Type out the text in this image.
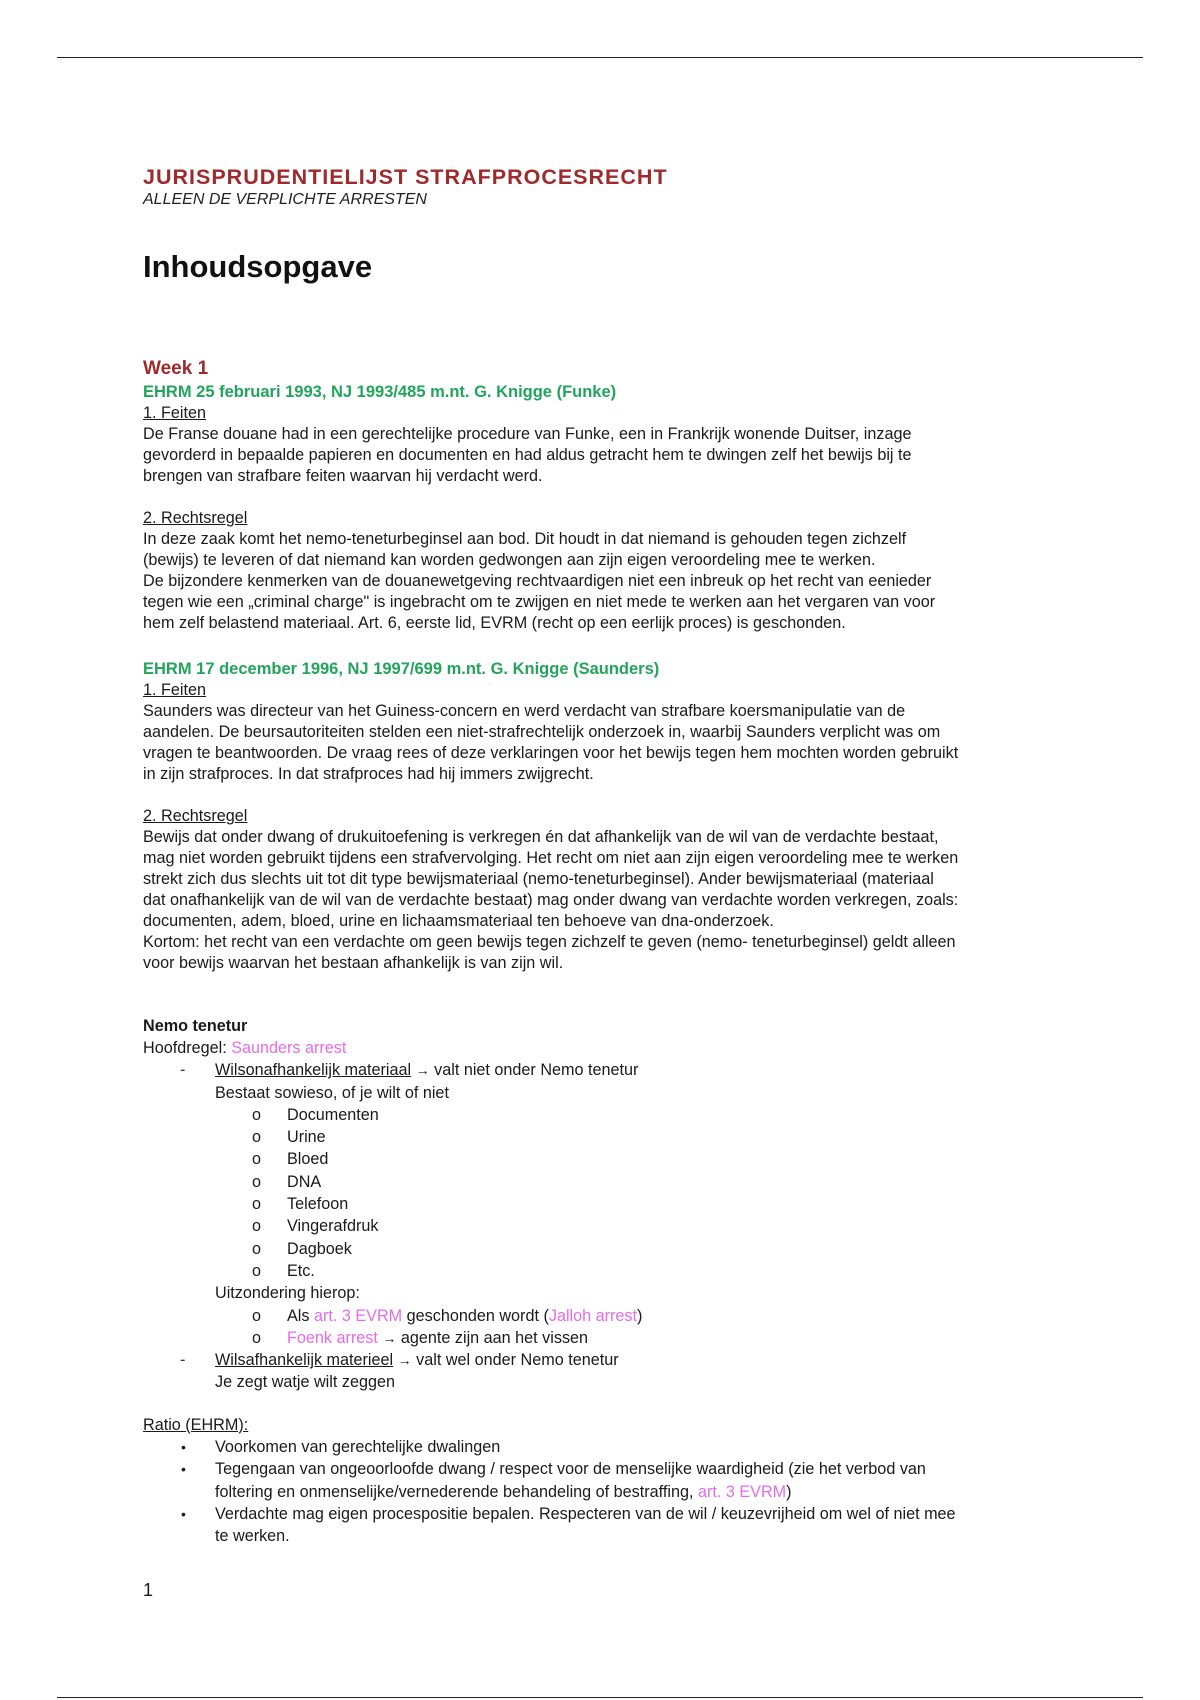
JURISPRUDENTIELIJST STRAFPROCESRECHT
ALLEEN DE VERPLICHTE ARRESTEN
Inhoudsopgave
Week 1
EHRM 25 februari 1993, NJ 1993/485 m.nt. G. Knigge (Funke)
1. Feiten
De Franse douane had in een gerechtelijke procedure van Funke, een in Frankrijk wonende Duitser, inzage
gevorderd in bepaalde papieren en documenten en had aldus getracht hem te dwingen zelf het bewijs bij te
brengen van strafbare feiten waarvan hij verdacht werd.
2. Rechtsregel
In deze zaak komt het nemo-teneturbeginsel aan bod. Dit houdt in dat niemand is gehouden tegen zichzelf
(bewijs) te leveren of dat niemand kan worden gedwongen aan zijn eigen veroordeling mee te werken.
De bijzondere kenmerken van de douanewetgeving rechtvaardigen niet een inbreuk op het recht van eenieder
tegen wie een „criminal charge" is ingebracht om te zwijgen en niet mede te werken aan het vergaren van voor
hem zelf belastend materiaal. Art. 6, eerste lid, EVRM (recht op een eerlijk proces) is geschonden.
EHRM 17 december 1996, NJ 1997/699 m.nt. G. Knigge (Saunders)
1. Feiten
Saunders was directeur van het Guiness-concern en werd verdacht van strafbare koersmanipulatie van de
aandelen. De beursautoriteiten stelden een niet-strafrechtelijk onderzoek in, waarbij Saunders verplicht was om
vragen te beantwoorden. De vraag rees of deze verklaringen voor het bewijs tegen hem mochten worden gebruikt
in zijn strafproces. In dat strafproces had hij immers zwijgrecht.
2. Rechtsregel
Bewijs dat onder dwang of drukuitoefening is verkregen én dat afhankelijk van de wil van de verdachte bestaat,
mag niet worden gebruikt tijdens een strafvervolging. Het recht om niet aan zijn eigen veroordeling mee te werken
strekt zich dus slechts uit tot dit type bewijsmateriaal (nemo-teneturbeginsel). Ander bewijsmateriaal (materiaal
dat onafhankelijk van de wil van de verdachte bestaat) mag onder dwang van verdachte worden verkregen, zoals:
documenten, adem, bloed, urine en lichaamsmateriaal ten behoeve van dna-onderzoek.
Kortom: het recht van een verdachte om geen bewijs tegen zichzelf te geven (nemo- teneturbeginsel) geldt alleen
voor bewijs waarvan het bestaan afhankelijk is van zijn wil.
Nemo tenetur
Hoofdregel: Saunders arrest
- Wilsonafhankelijk materiaal → valt niet onder Nemo tenetur
Bestaat sowieso, of je wilt of niet
o Documenten
o Urine
o Bloed
o DNA
o Telefoon
o Vingerafdruk
o Dagboek
o Etc.
Uitzondering hierop:
o Als art. 3 EVRM geschonden wordt (Jalloh arrest)
o Foenk arrest → agente zijn aan het vissen
- Wilsafhankelijk materieel → valt wel onder Nemo tenetur
Je zegt watje wilt zeggen
Ratio (EHRM):
• Voorkomen van gerechtelijke dwalingen
• Tegengaan van ongeoorloofde dwang / respect voor de menselijke waardigheid (zie het verbod van
foltering en onmenselijke/vernederende behandeling of bestraffing, art. 3 EVRM)
• Verdachte mag eigen procespositie bepalen. Respecteren van de wil / keuzevrijheid om wel of niet mee
te werken.
1
